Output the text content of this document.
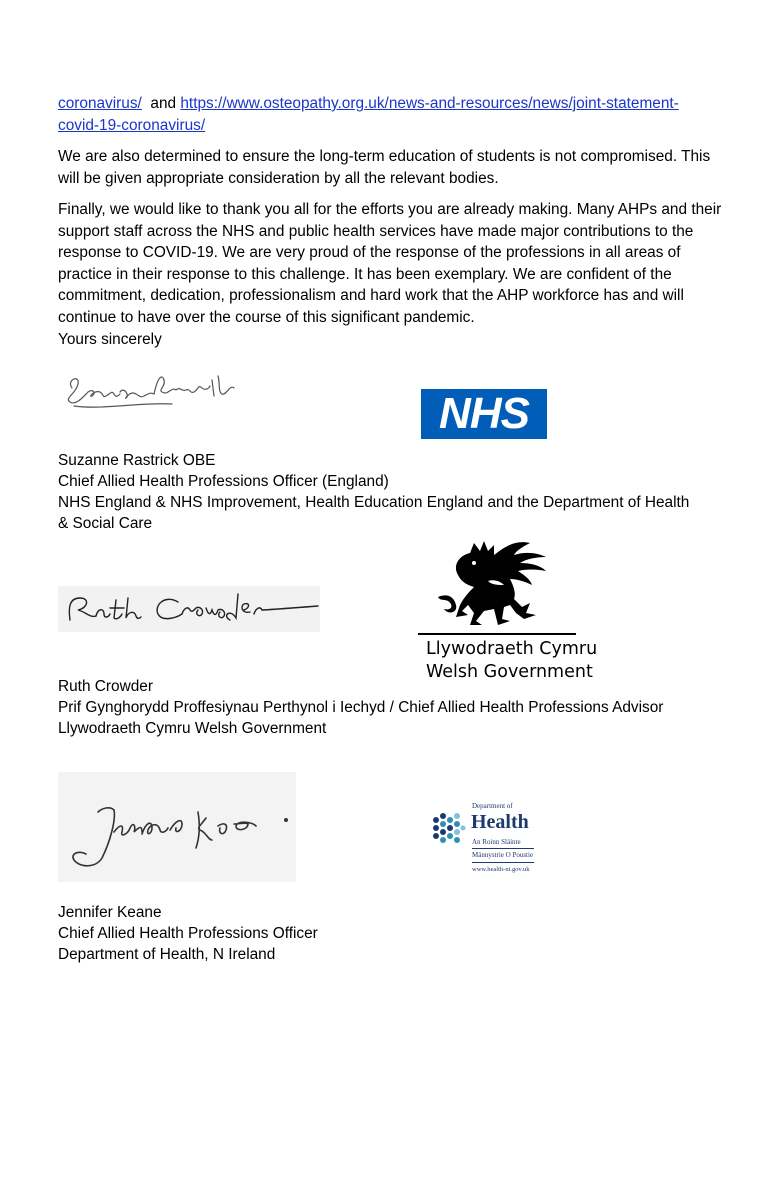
coronavirus/ and https://www.osteopathy.org.uk/news-and-resources/news/joint-statement-
covid-19-coronavirus/

We are also determined to ensure the long-term education of students is not compromised. This will be given appropriate consideration by all the relevant bodies.

Finally, we would like to thank you all for the efforts you are already making. Many AHPs and their support staff across the NHS and public health services have made major contributions to the response to COVID-19. We are very proud of the response of the professions in all areas of practice in their response to this challenge. It has been exemplary. We are confident of the commitment, dedication, professionalism and hard work that the AHP workforce has and will continue to have over the course of this significant pandemic.

Yours sincerely

NHS
Suzanne Rastrick OBE
Chief Allied Health Professions Officer (England)
NHS England & NHS Improvement, Health Education England and the Department of Health
& Social Care
Llywodraeth Cymru
Welsh Government
Ruth Crowder
Prif Gynghorydd Proffesiynau Perthynol i Iechyd / Chief Allied Health Professions Advisor
Llywodraeth Cymru Welsh Government
Department of
Health
An Roinn Sláinte
Männystrie O Poustie
www.health-ni.gov.uk
Jennifer Keane
Chief Allied Health Professions Officer
Department of Health, N Ireland
